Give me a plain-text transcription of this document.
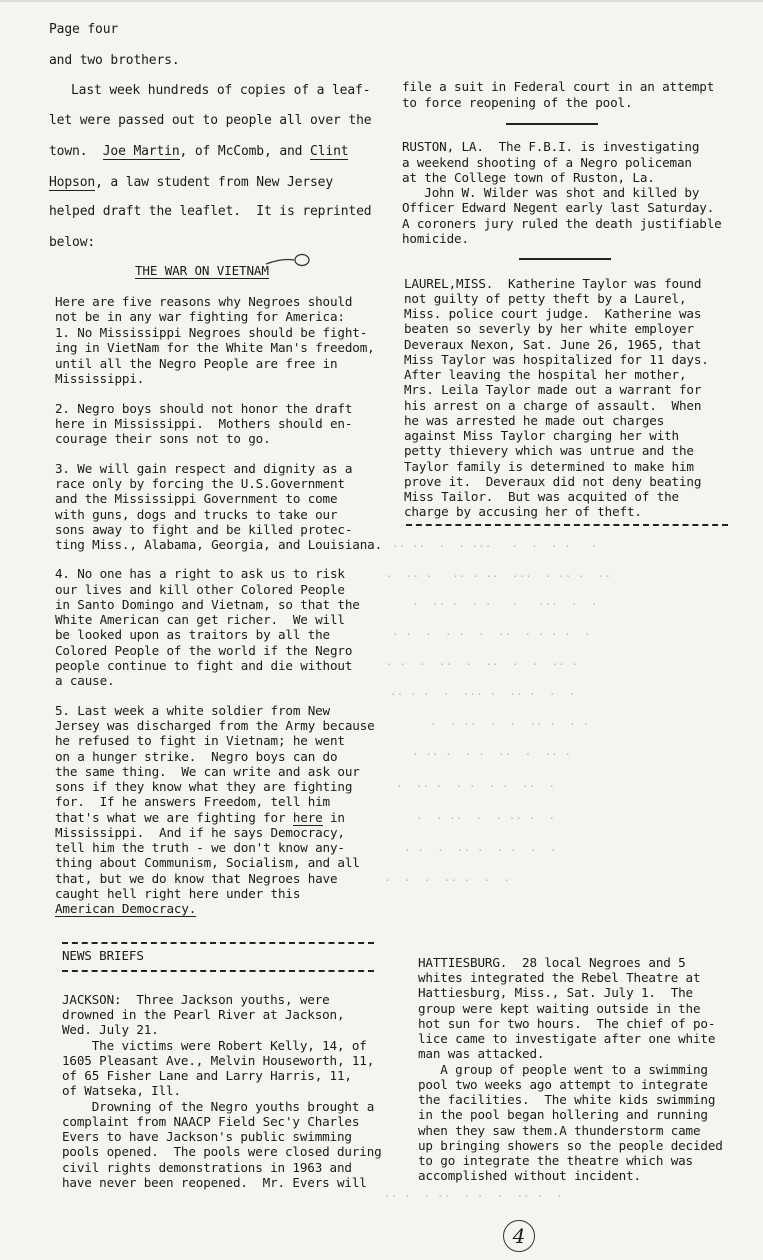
Page four
and two brothers.
Last week hundreds of copies of a leaf-
let were passed out to people all over the
town.  Joe Martin, of McComb, and Clint
Hopson, a law student from New Jersey
helped draft the leaflet.  It is reprinted
below:
THE WAR ON VIETNAM
Here are five reasons why Negroes should
not be in any war fighting for America:
1. No Mississippi Negroes should be fight-
ing in VietNam for the White Man's freedom,
until all the Negro People are free in
Mississippi.
2. Negro boys should not honor the draft
here in Mississippi.  Mothers should en-
courage their sons not to go.
3. We will gain respect and dignity as a
race only by forcing the U.S.Government
and the Mississippi Government to come
with guns, dogs and trucks to take our
sons away to fight and be killed protec-
ting Miss., Alabama, Georgia, and Louisiana.
4. No one has a right to ask us to risk
our lives and kill other Colored People
in Santo Domingo and Vietnam, so that the
White American can get richer.  We will
be looked upon as traitors by all the
Colored People of the world if the Negro
people continue to fight and die without
a cause.
5. Last week a white soldier from New
Jersey was discharged from the Army because
he refused to fight in Vietnam; he went
on a hunger strike.  Negro boys can do
the same thing.  We can write and ask our
sons if they know what they are fighting
for.  If he answers Freedom, tell him
that's what we are fighting for here in
Mississippi.  And if he says Democracy,
tell him the truth - we don't know any-
thing about Communism, Socialism, and all
that, but we do know that Negroes have
caught hell right here under this
American Democracy.
NEWS BRIEFS
JACKSON:  Three Jackson youths, were
drowned in the Pearl River at Jackson,
Wed. July 21.
The victims were Robert Kelly, 14, of
1605 Pleasant Ave., Melvin Houseworth, 11,
of 65 Fisher Lane and Larry Harris, 11,
of Watseka, Ill.
Drowning of the Negro youths brought a
complaint from NAACP Field Sec'y Charles
Evers to have Jackson's public swimming
pools opened.  The pools were closed during
civil rights demonstrations in 1963 and
have never been reopened.  Mr. Evers will
file a suit in Federal court in an attempt
to force reopening of the pool.
RUSTON, LA.  The F.B.I. is investigating
a weekend shooting of a Negro policeman
at the College town of Ruston, La.
John W. Wilder was shot and killed by
Officer Edward Negent early last Saturday.
A coroners jury ruled the death justifiable
homicide.
LAUREL,MISS.  Katherine Taylor was found
not guilty of petty theft by a Laurel,
Miss. police court judge.  Katherine was
beaten so severly by her white employer
Deveraux Nexon, Sat. June 26, 1965, that
Miss Taylor was hospitalized for 11 days.
After leaving the hospital her mother,
Mrs. Leila Taylor made out a warrant for
his arrest on a charge of assault.  When
he was arrested he made out charges
against Miss Taylor charging her with
petty thievery which was untrue and the
Taylor family is determined to make him
prove it.  Deveraux did not deny beating
Miss Tailor.  But was acquited of the
charge by accusing her of theft.
·· ··  ·  · ···   ·  ·  · ·   ·
·  ·· ·   ·· · ··  ···  · ·· ·  ··
·  ·· ·  · ·   ·   ···  ·  ·
· ·  ·  · ·  ·  ··  · · · ·  ·
· ·  ·  ··  ·  ··  ·  ·  ·· ·
·· · ·  ·  ··· ·  ·· ·  ·  ·
·  · ··  ·  ·  ·· ·  · ·
· ·· ·  · ·  ··  ·  ·· ·
·  ·· ·  · ·  · ·  ··  ·
·  · ··  ·  · ·· ·  ·
· ·  ·  ·· ·  · ·  ·  ·
·  ·  ·  ·· ·  ·  ·
·· ·  · ··  · ·  ·  ·· ·  ·
HATTIESBURG.  28 local Negroes and 5
whites integrated the Rebel Theatre at
Hattiesburg, Miss., Sat. July 1.  The
group were kept waiting outside in the
hot sun for two hours.  The chief of po-
lice came to investigate after one white
man was attacked.
A group of people went to a swimming
pool two weeks ago attempt to integrate
the facilities.  The white kids swimming
in the pool began hollering and running
when they saw them.A thunderstorm came
up bringing showers so the people decided
to go integrate the theatre which was
accomplished without incident.
4
